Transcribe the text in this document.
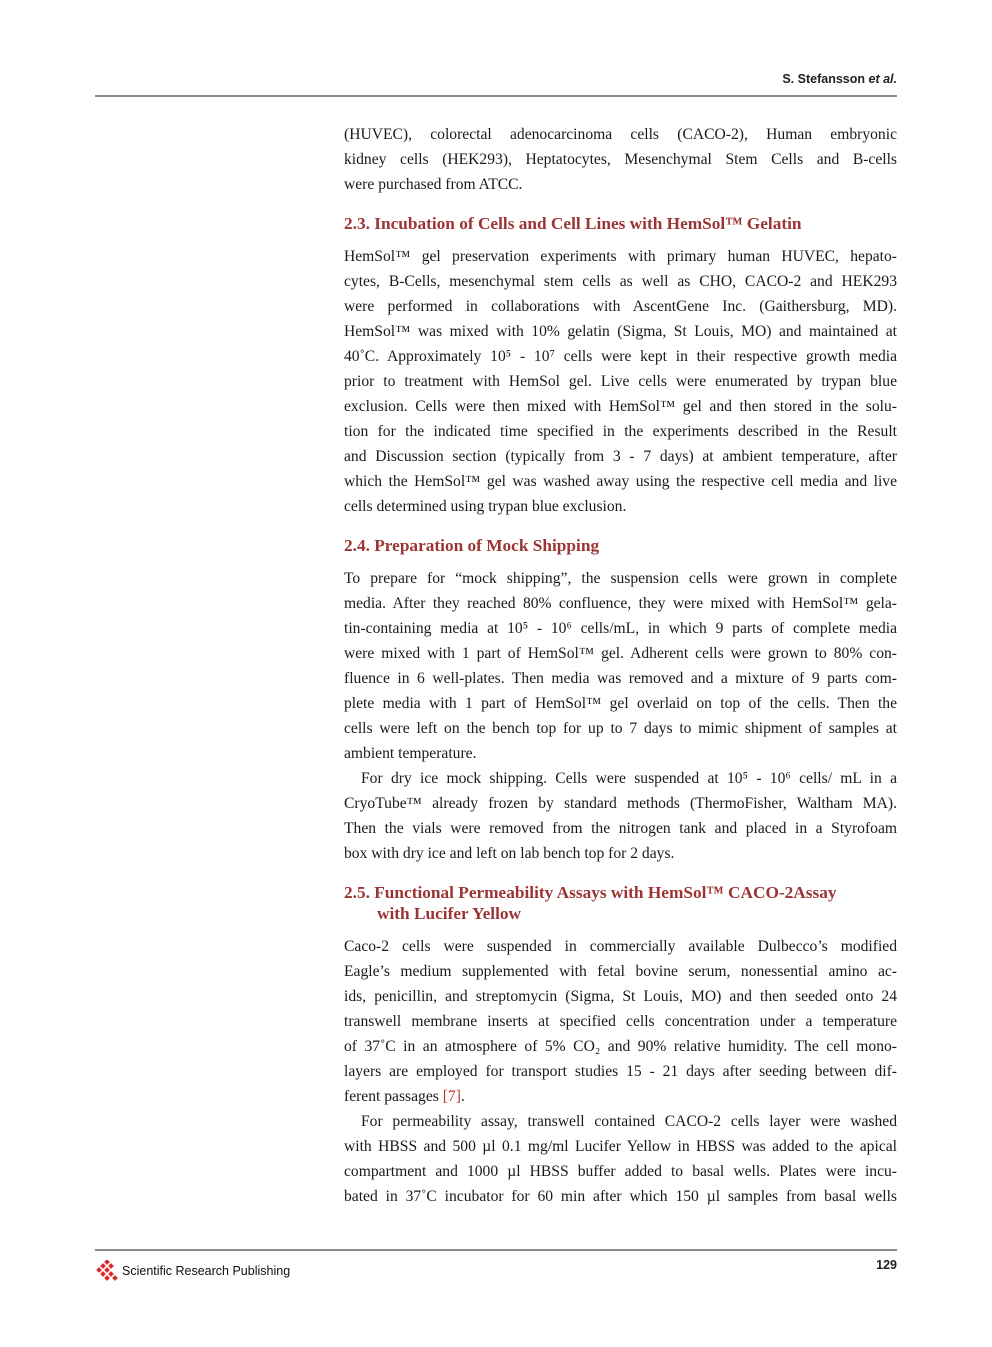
S. Stefansson et al.
(HUVEC), colorectal adenocarcinoma cells (CACO-2), Human embryonic
kidney cells (HEK293), Heptatocytes, Mesenchymal Stem Cells and B-cells
were purchased from ATCC.
2.3. Incubation of Cells and Cell Lines with HemSol™ Gelatin
HemSol™ gel preservation experiments with primary human HUVEC, hepato-
cytes, B-Cells, mesenchymal stem cells as well as CHO, CACO-2 and HEK293
were performed in collaborations with AscentGene Inc. (Gaithersburg, MD).
HemSol™ was mixed with 10% gelatin (Sigma, St Louis, MO) and maintained at
40˚C. Approximately 10⁵ - 10⁷ cells were kept in their respective growth media
prior to treatment with HemSol gel. Live cells were enumerated by trypan blue
exclusion. Cells were then mixed with HemSol™ gel and then stored in the solu-
tion for the indicated time specified in the experiments described in the Result
and Discussion section (typically from 3 - 7 days) at ambient temperature, after
which the HemSol™ gel was washed away using the respective cell media and live
cells determined using trypan blue exclusion.
2.4. Preparation of Mock Shipping
To prepare for “mock shipping”, the suspension cells were grown in complete
media. After they reached 80% confluence, they were mixed with HemSol™ gela-
tin-containing media at 10⁵ - 10⁶ cells/mL, in which 9 parts of complete media
were mixed with 1 part of HemSol™ gel. Adherent cells were grown to 80% con-
fluence in 6 well-plates. Then media was removed and a mixture of 9 parts com-
plete media with 1 part of HemSol™ gel overlaid on top of the cells. Then the
cells were left on the bench top for up to 7 days to mimic shipment of samples at
ambient temperature.
For dry ice mock shipping. Cells were suspended at 10⁵ - 10⁶ cells/ mL in a
CryoTube™ already frozen by standard methods (ThermoFisher, Waltham MA).
Then the vials were removed from the nitrogen tank and placed in a Styrofoam
box with dry ice and left on lab bench top for 2 days.
2.5. Functional Permeability Assays with HemSol™ CACO-2Assay
with Lucifer Yellow
Caco-2 cells were suspended in commercially available Dulbecco’s modified
Eagle’s medium supplemented with fetal bovine serum, nonessential amino ac-
ids, penicillin, and streptomycin (Sigma, St Louis, MO) and then seeded onto 24
transwell membrane inserts at specified cells concentration under a temperature
of 37˚C in an atmosphere of 5% CO₂ and 90% relative humidity. The cell mono-
layers are employed for transport studies 15 - 21 days after seeding between dif-
ferent passages [7].
For permeability assay, transwell contained CACO-2 cells layer were washed
with HBSS and 500 µl 0.1 mg/ml Lucifer Yellow in HBSS was added to the apical
compartment and 1000 µl HBSS buffer added to basal wells. Plates were incu-
bated in 37˚C incubator for 60 min after which 150 µl samples from basal wells
Scientific Research Publishing	129
